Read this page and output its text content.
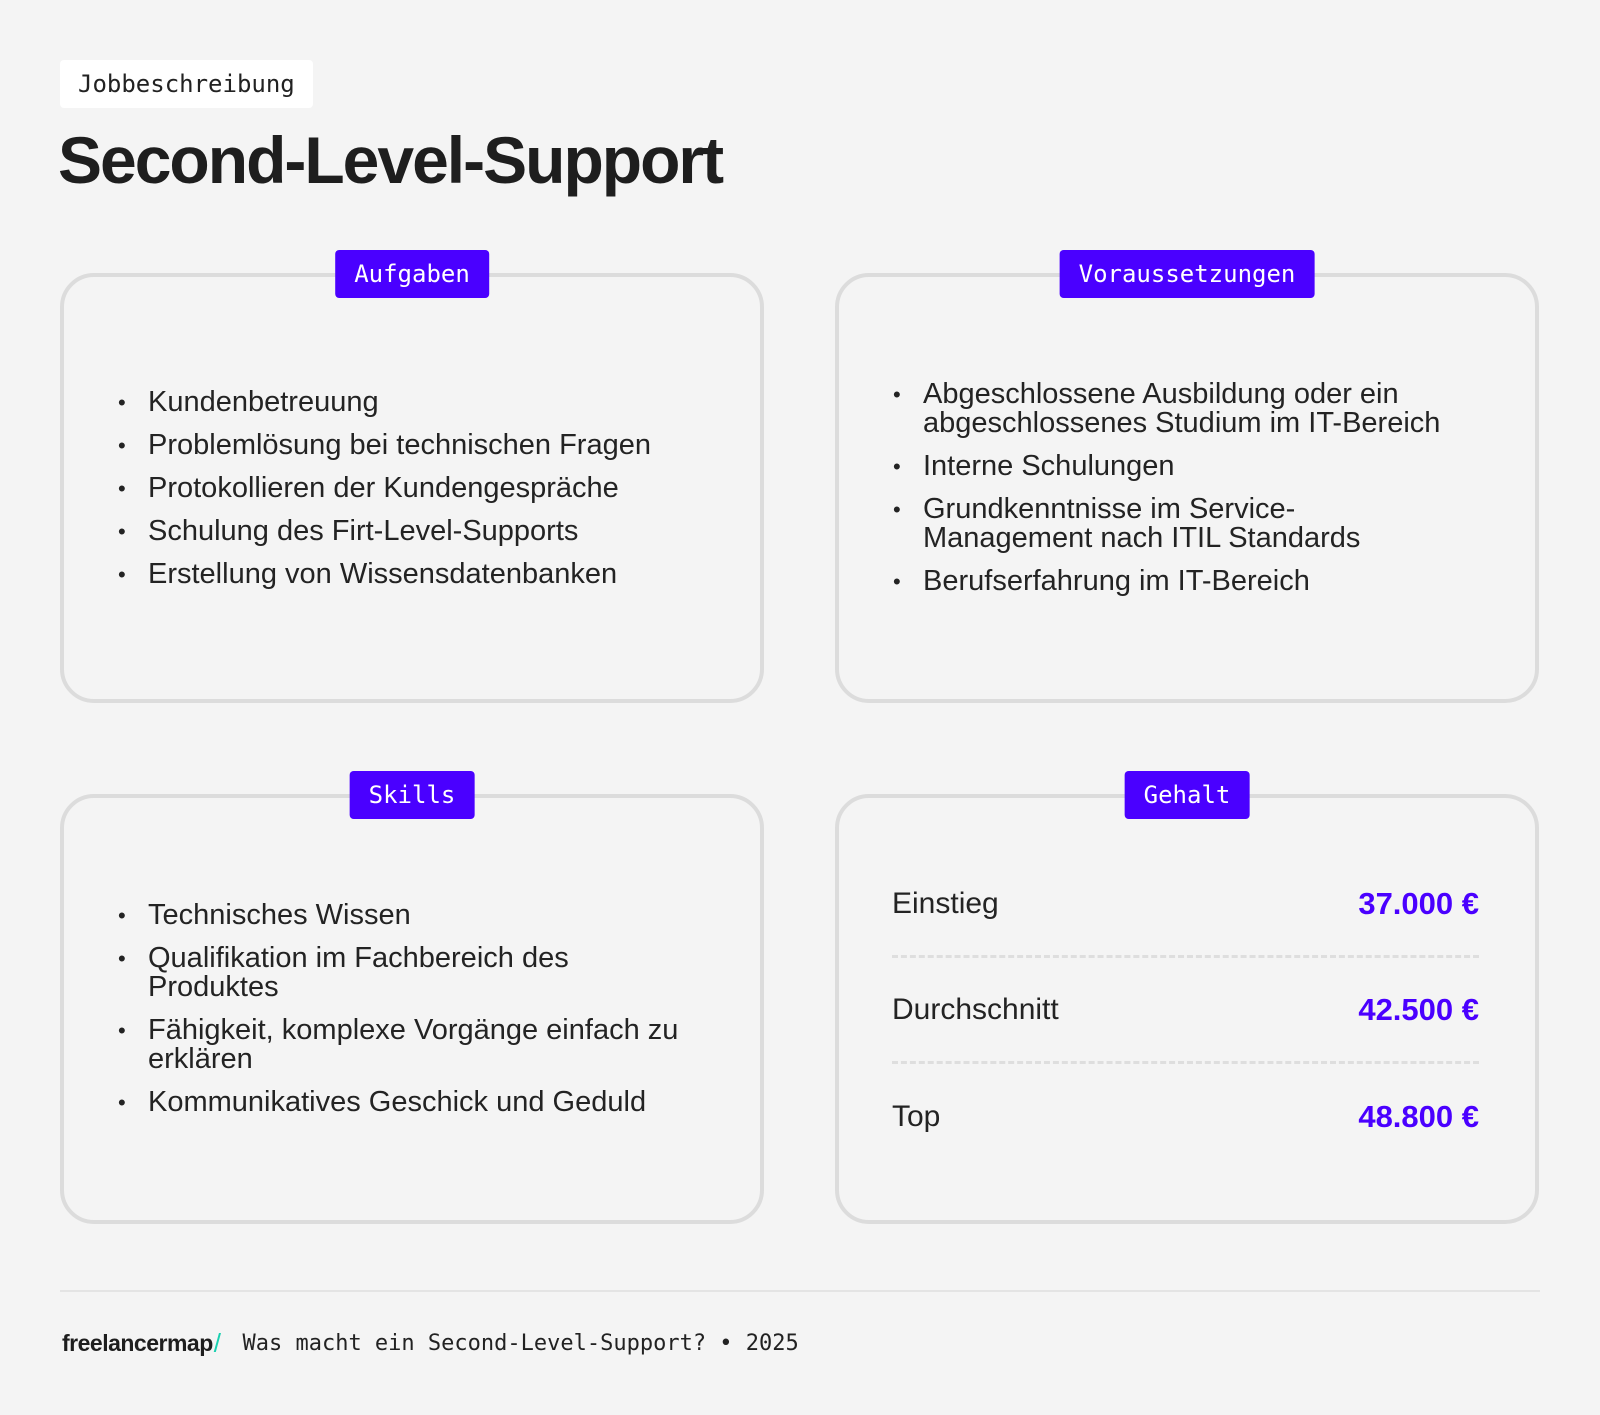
Jobbeschreibung
Second-Level-Support
Aufgaben
• Kundenbetreuung
• Problemlösung bei technischen Fragen
• Protokollieren der Kundengespräche
• Schulung des Firt-Level-Supports
• Erstellung von Wissensdatenbanken
Voraussetzungen
• Abgeschlossene Ausbildung oder ein abgeschlossenes Studium im IT-Bereich
• Interne Schulungen
• Grundkenntnisse im Service-Management nach ITIL Standards
• Berufserfahrung im IT-Bereich
Skills
• Technisches Wissen
• Qualifikation im Fachbereich des Produktes
• Fähigkeit, komplexe Vorgänge einfach zu erklären
• Kommunikatives Geschick und Geduld
Gehalt
Einstieg	37.000 €
Durchschnitt	42.500 €
Top	48.800 €
freelancermap / Was macht ein Second-Level-Support? • 2025
